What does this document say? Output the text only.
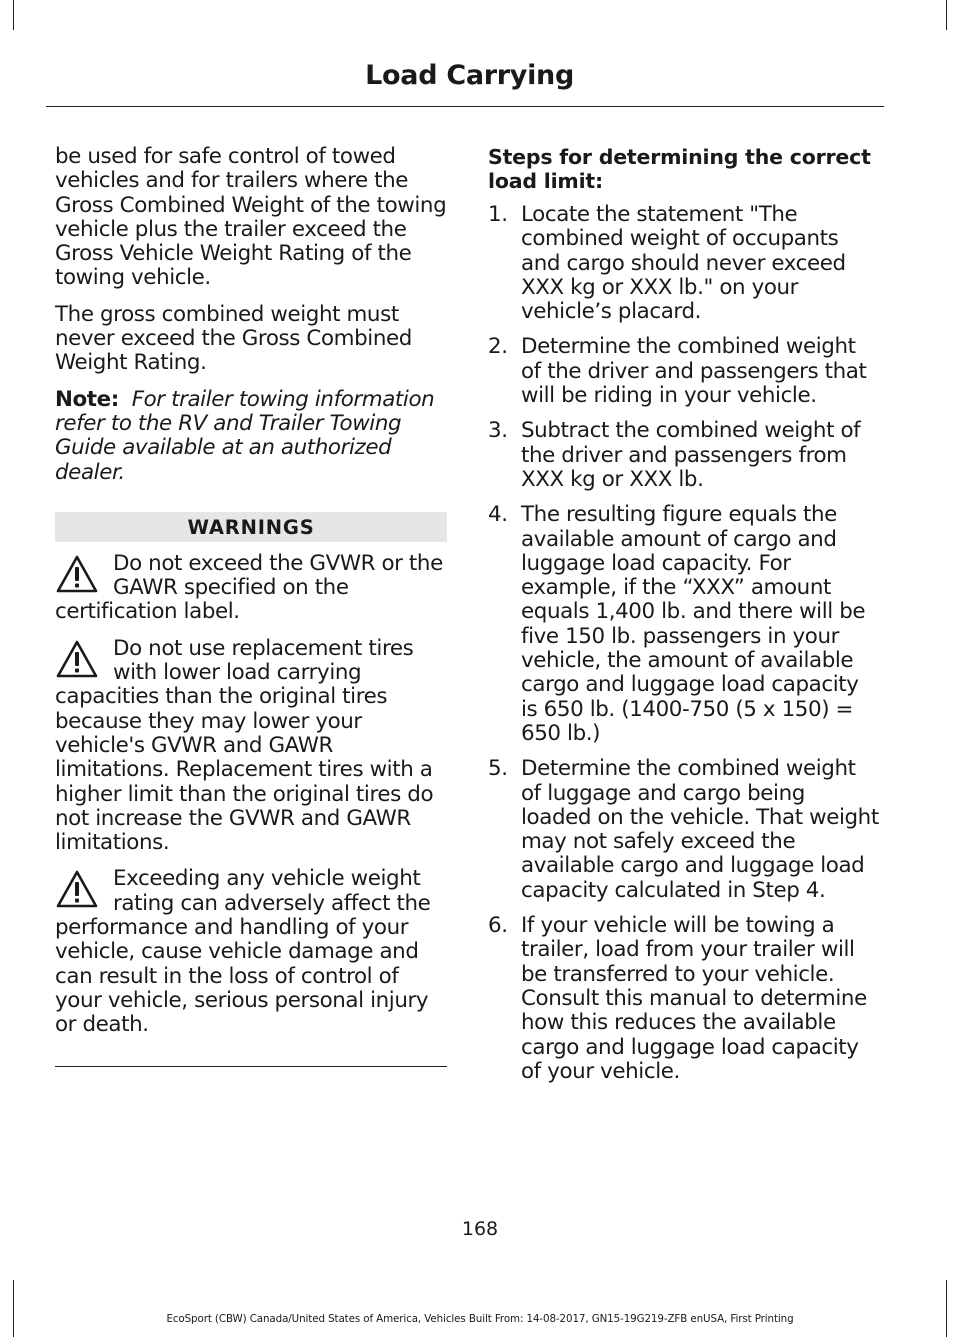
Load Carrying

be used for safe control of towed vehicles and for trailers where the Gross Combined Weight of the towing vehicle plus the trailer exceed the Gross Vehicle Weight Rating of the towing vehicle.

The gross combined weight must never exceed the Gross Combined Weight Rating.

Note: For trailer towing information refer to the RV and Trailer Towing Guide available at an authorized dealer.

WARNINGS
Do not exceed the GVWR or the GAWR specified on the certification label.
Do not use replacement tires with lower load carrying capacities than the original tires because they may lower your vehicle's GVWR and GAWR limitations. Replacement tires with a higher limit than the original tires do not increase the GVWR and GAWR limitations.
Exceeding any vehicle weight rating can adversely affect the performance and handling of your vehicle, cause vehicle damage and can result in the loss of control of your vehicle, serious personal injury or death.
Steps for determining the correct load limit:
1. Locate the statement "The combined weight of occupants and cargo should never exceed XXX kg or XXX lb." on your vehicle’s placard.
2. Determine the combined weight of the driver and passengers that will be riding in your vehicle.
3. Subtract the combined weight of the driver and passengers from XXX kg or XXX lb.
4. The resulting figure equals the available amount of cargo and luggage load capacity. For example, if the “XXX” amount equals 1,400 lb. and there will be five 150 lb. passengers in your vehicle, the amount of available cargo and luggage load capacity is 650 lb. (1400-750 (5 x 150) = 650 lb.)
5. Determine the combined weight of luggage and cargo being loaded on the vehicle. That weight may not safely exceed the available cargo and luggage load capacity calculated in Step 4.
6. If your vehicle will be towing a trailer, load from your trailer will be transferred to your vehicle. Consult this manual to determine how this reduces the available cargo and luggage load capacity of your vehicle.
168
EcoSport (CBW) Canada/United States of America, Vehicles Built From: 14-08-2017, GN15-19G219-ZFB enUSA, First Printing
